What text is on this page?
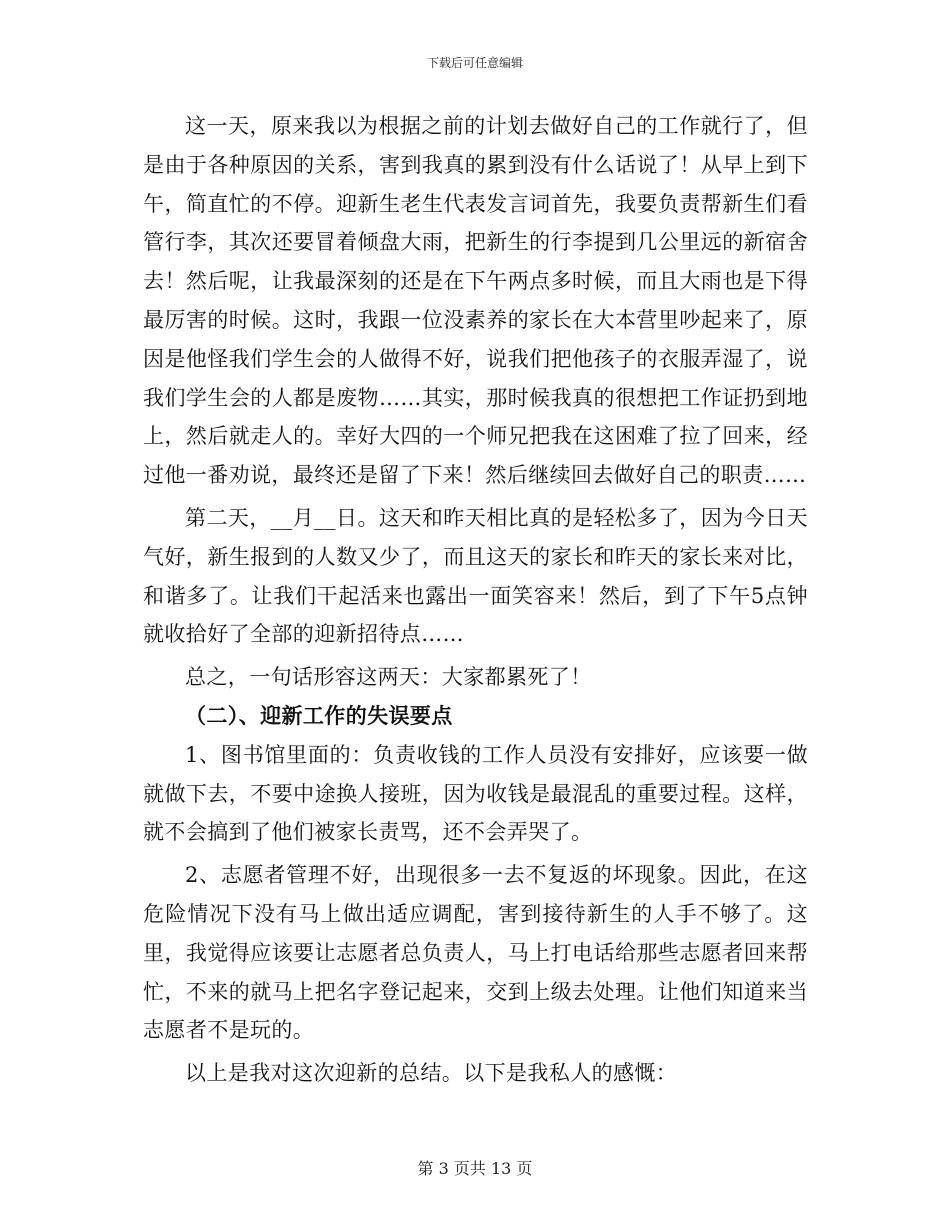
下载后可任意编辑

这一天，原来我以为根据之前的计划去做好自己的工作就行了，但是由于各种原因的关系，害到我真的累到没有什么话说了！从早上到下午，简直忙的不停。迎新生老生代表发言词首先，我要负责帮新生们看管行李，其次还要冒着倾盘大雨，把新生的行李提到几公里远的新宿舍去！然后呢，让我最深刻的还是在下午两点多时候，而且大雨也是下得最厉害的时候。这时，我跟一位没素养的家长在大本营里吵起来了，原因是他怪我们学生会的人做得不好，说我们把他孩子的衣服弄湿了，说我们学生会的人都是废物……其实，那时候我真的很想把工作证扔到地上，然后就走人的。幸好大四的一个师兄把我在这困难了拉了回来，经过他一番劝说，最终还是留了下来！然后继续回去做好自己的职责……

第二天，__月__日。这天和昨天相比真的是轻松多了，因为今日天气好，新生报到的人数又少了，而且这天的家长和昨天的家长来对比，和谐多了。让我们干起活来也露出一面笑容来！然后，到了下午5点钟就收拾好了全部的迎新招待点……

总之，一句话形容这两天：大家都累死了！

（二）、迎新工作的失误要点

1、图书馆里面的：负责收钱的工作人员没有安排好，应该要一做就做下去，不要中途换人接班，因为收钱是最混乱的重要过程。这样，就不会搞到了他们被家长责骂，还不会弄哭了。

2、志愿者管理不好，出现很多一去不复返的坏现象。因此，在这危险情况下没有马上做出适应调配，害到接待新生的人手不够了。这里，我觉得应该要让志愿者总负责人，马上打电话给那些志愿者回来帮忙，不来的就马上把名字登记起来，交到上级去处理。让他们知道来当志愿者不是玩的。

以上是我对这次迎新的总结。以下是我私人的感慨：

第 3 页共 13 页
